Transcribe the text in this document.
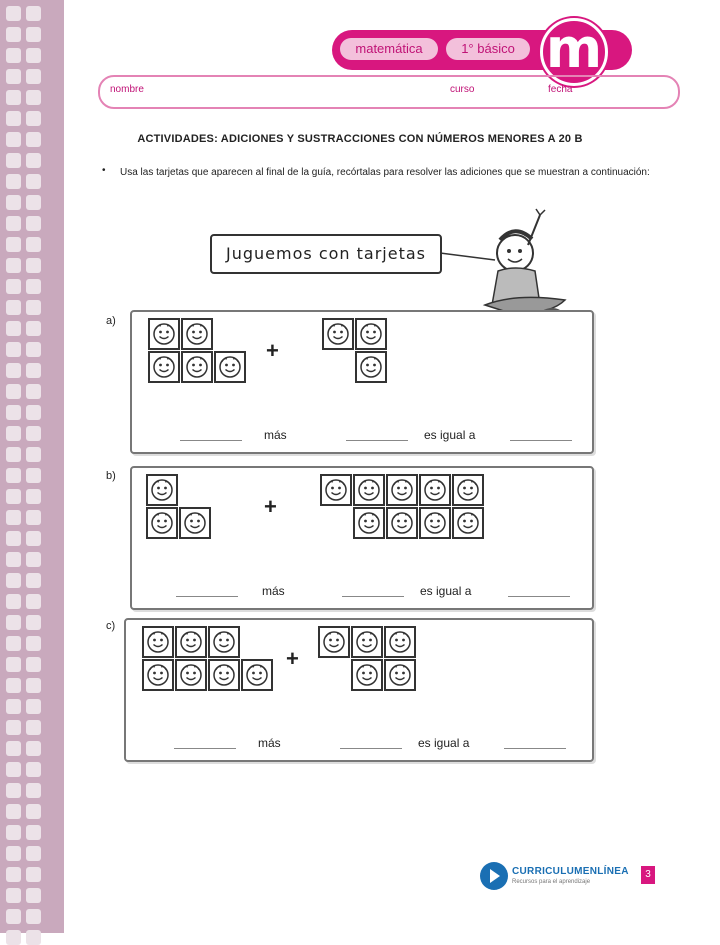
matemática	1° básico m
nombre	curso	fecha
ACTIVIDADES: ADICIONES Y SUSTRACCIONES CON NÚMEROS MENORES A 20 B
• Usa las tarjetas que aparecen al final de la guía, recórtalas para resolver las adiciones que se muestran a continuación:
Juguemos con tarjetas
a)
+
más	es igual a
b)
+
más	es igual a
c)
+
más	es igual a
CURRICULUMENLÍNEA
Recursos para el aprendizaje
3
